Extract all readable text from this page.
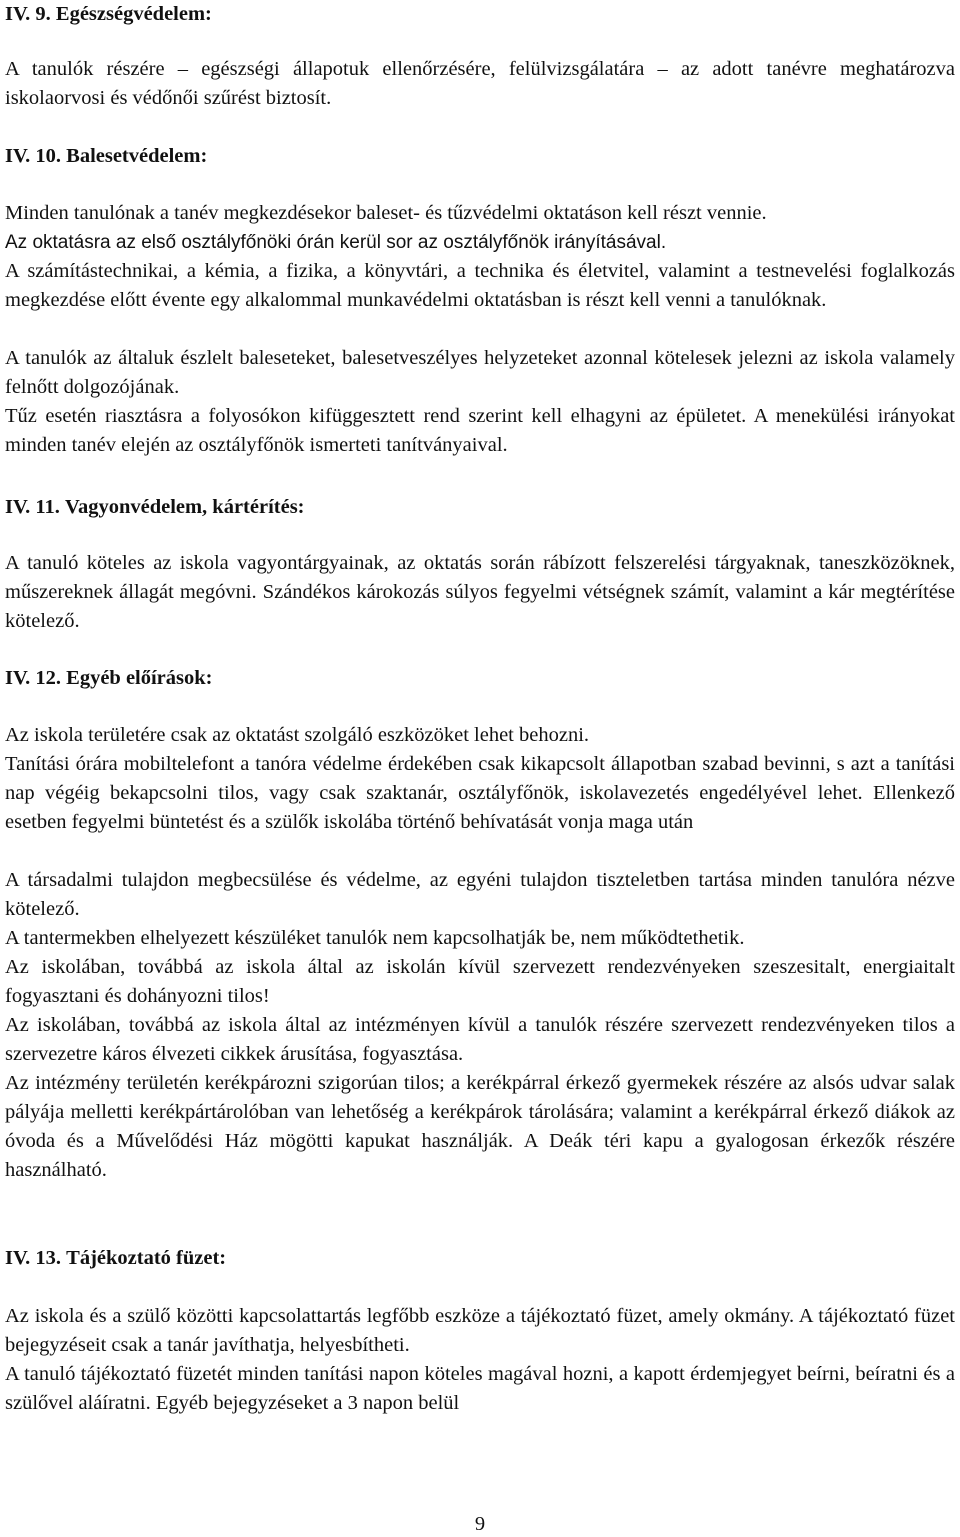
IV. 9. Egészségvédelem:
A tanulók részére – egészségi állapotuk ellenőrzésére, felülvizsgálatára – az adott tanévre meghatározva iskolaorvosi és védőnői szűrést biztosít.
IV. 10. Balesetvédelem:
Minden tanulónak a tanév megkezdésekor baleset- és tűzvédelmi oktatáson kell részt vennie.
Az oktatásra az első osztályfőnöki órán kerül sor az osztályfőnök irányításával.
A számítástechnikai, a kémia, a fizika, a könyvtári, a technika és életvitel, valamint a testnevelési foglalkozás megkezdése előtt évente egy alkalommal munkavédelmi oktatásban is részt kell venni a tanulóknak.
A tanulók az általuk észlelt baleseteket, balesetveszélyes helyzeteket azonnal kötelesek jelezni az iskola valamely felnőtt dolgozójának.
Tűz esetén riasztásra a folyosókon kifüggesztett rend szerint kell elhagyni az épületet. A menekülési irányokat minden tanév elején az osztályfőnök ismerteti tanítványaival.
IV. 11. Vagyonvédelem, kártérítés:
A tanuló köteles az iskola vagyontárgyainak, az oktatás során rábízott felszerelési tárgyaknak, taneszközöknek, műszereknek állagát megóvni. Szándékos károkozás súlyos fegyelmi vétségnek számít, valamint a kár megtérítése kötelező.
IV. 12. Egyéb előírások:
Az iskola területére csak az oktatást szolgáló eszközöket lehet behozni.
Tanítási órára mobiltelefont a tanóra védelme érdekében csak kikapcsolt állapotban szabad bevinni, s azt a tanítási nap végéig bekapcsolni tilos, vagy csak szaktanár, osztályfőnök, iskolavezetés engedélyével lehet. Ellenkező esetben fegyelmi büntetést és a szülők iskolába történő behívatását vonja maga után
A társadalmi tulajdon megbecsülése és védelme, az egyéni tulajdon tiszteletben tartása minden tanulóra nézve kötelező.
A tantermekben elhelyezett készüléket tanulók nem kapcsolhatják be, nem működtethetik.
Az iskolában, továbbá az iskola által az iskolán kívül szervezett rendezvényeken szeszesitalt, energiaitalt fogyasztani és dohányozni tilos!
Az iskolában, továbbá az iskola által az intézményen kívül a tanulók részére szervezett rendezvényeken tilos a szervezetre káros élvezeti cikkek árusítása, fogyasztása.
Az intézmény területén kerékpározni szigorúan tilos; a kerékpárral érkező gyermekek részére az alsós udvar salak pályája melletti kerékpártárolóban van lehetőség a kerékpárok tárolására; valamint a kerékpárral érkező diákok az óvoda és a Művelődési Ház mögötti kapukat használják. A Deák téri kapu a gyalogosan érkezők részére használható.
IV. 13. Tájékoztató füzet:
Az iskola és a szülő közötti kapcsolattartás legfőbb eszköze a tájékoztató füzet, amely okmány. A tájékoztató füzet bejegyzéseit csak a tanár javíthatja, helyesbítheti.
A tanuló tájékoztató füzetét minden tanítási napon köteles magával hozni, a kapott érdemjegyet beírni, beíratni és a szülővel aláíratni. Egyéb bejegyzéseket a 3 napon belül
9
